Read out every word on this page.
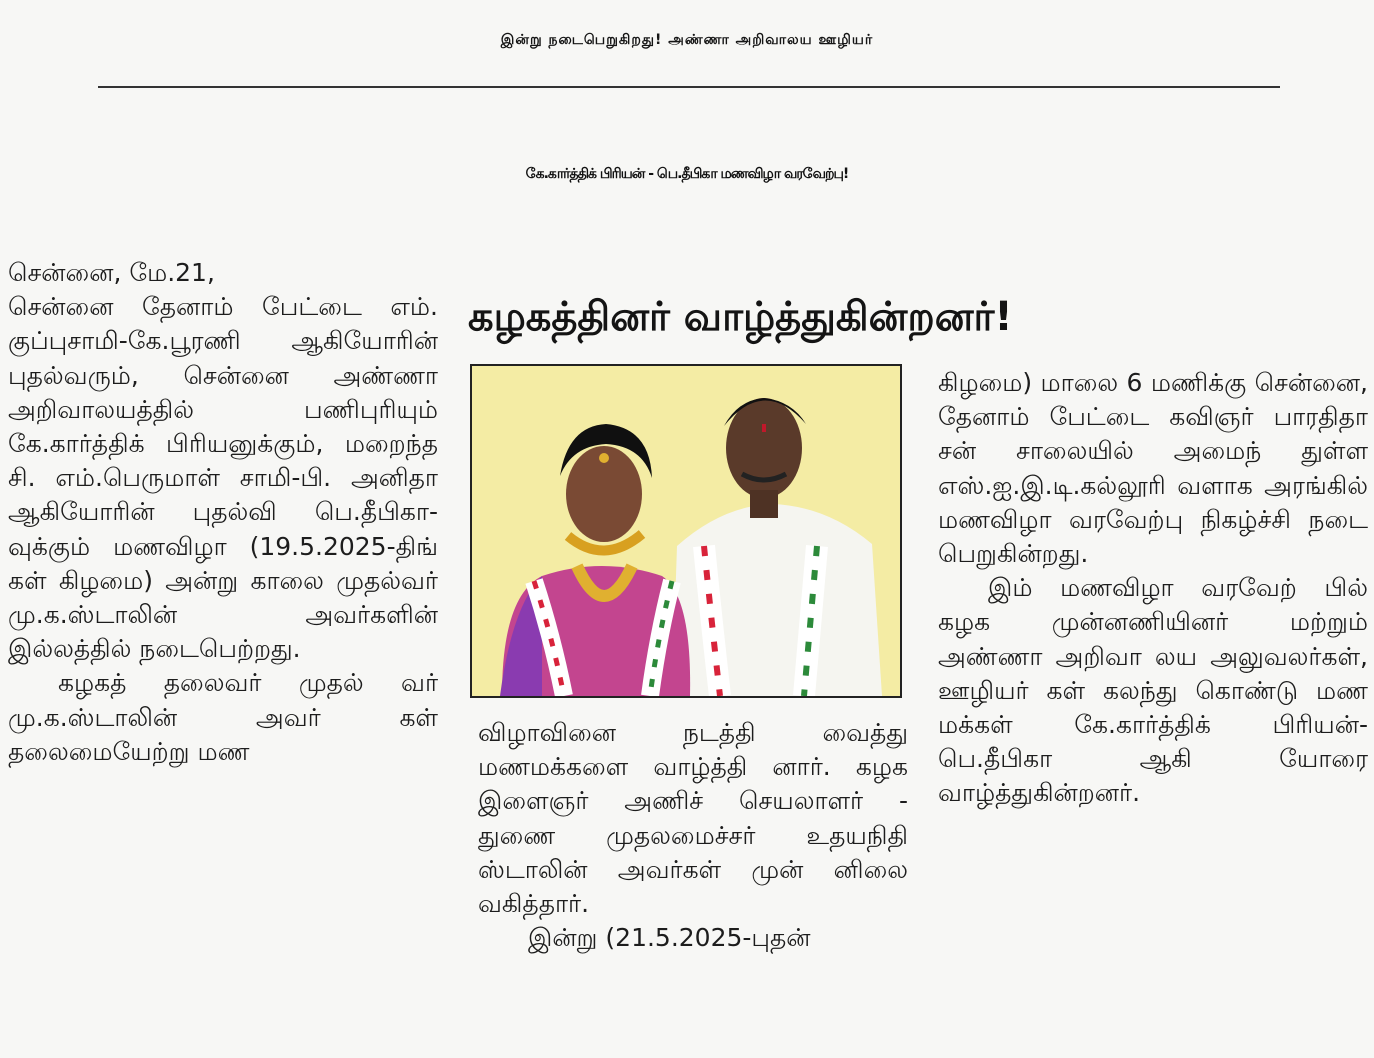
இன்று நடைபெறுகிறது! அண்ணா அறிவாலய ஊழியர்
கே.கார்த்திக் பிரியன் - பெ.தீபிகா மணவிழா வரவேற்பு!
கழகத்தினர் வாழ்த்துகின்றனர்!

சென்னை, மே.21,
சென்னை தேனாம் பேட்டை எம். குப்புசாமி-கே.பூரணி ஆகியோரின் புதல்வரும், சென்னை அண்ணா அறிவாலயத்தில் பணிபுரியும் கே.கார்த்திக் பிரியனுக்கும், மறைந்த சி. எம்.பெருமாள் சாமி-பி. அனிதா ஆகியோரின் புதல்வி பெ.தீபிகா-வுக்கும் மணவிழா (19.5.2025-திங் கள் கிழமை) அன்று காலை முதல்வர் மு.க.ஸ்டாலின் அவர்களின் இல்லத்தில் நடைபெற்றது.

கழகத் தலைவர் முதல் வர் மு.க.ஸ்டாலின் அவர் கள் தலைமையேற்று மண

விழாவினை நடத்தி வைத்து மணமக்களை வாழ்த்தி னார். கழக இளைஞர் அணிச் செயலாளர் - துணை முதலமைச்சர் உதயநிதி ஸ்டாலின் அவர்கள் முன் னிலை வகித்தார்.

இன்று (21.5.2025-புதன்

கிழமை) மாலை 6 மணிக்கு சென்னை, தேனாம் பேட்டை கவிஞர் பாரதிதா சன் சாலையில் அமைந் துள்ள எஸ்.ஐ.இ.டி.கல்லூரி வளாக அரங்கில் மணவிழா வரவேற்பு நிகழ்ச்சி நடை பெறுகின்றது.

இம் மணவிழா வரவேற் பில் கழக முன்னணியினர் மற்றும் அண்ணா அறிவா லய அலுவலர்கள், ஊழியர் கள் கலந்து கொண்டு மண மக்கள் கே.கார்த்திக் பிரியன்-பெ.தீபிகா ஆகி யோரை வாழ்த்துகின்றனர்.
